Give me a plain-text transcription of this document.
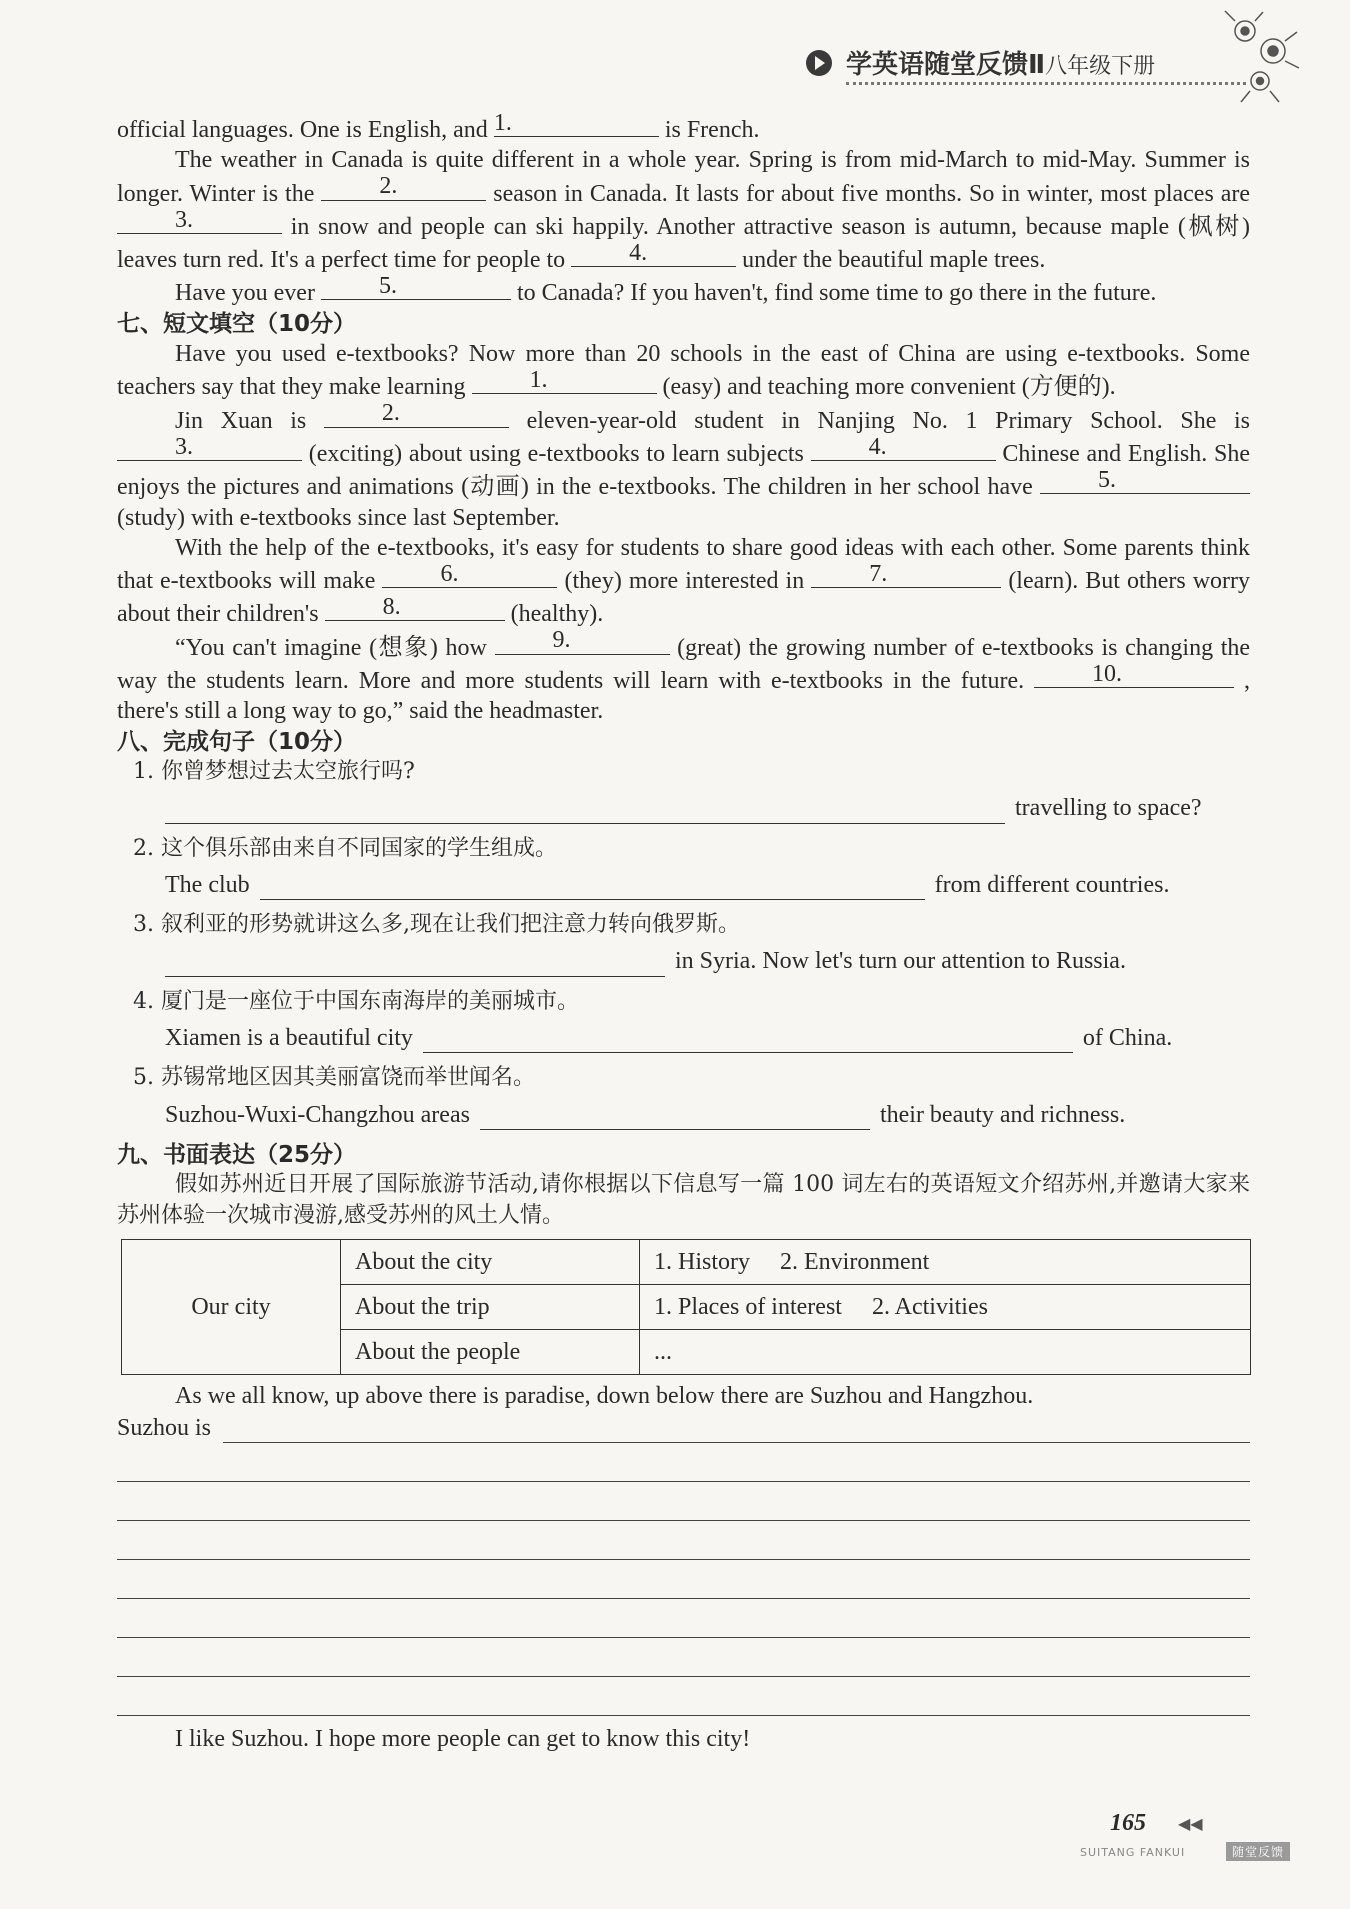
学英语随堂反馈Ⅱ八年级下册

official languages. One is English, and 1.	is French.

The weather in Canada is quite different in a whole year. Spring is from mid-March to mid-May. Summer is longer. Winter is the	2.	season in Canada. It lasts for about five months. So in winter, most places are
3.	in snow and people can ski happily. Another attractive season is autumn, because maple (枫树) leaves turn red. It's a perfect time for people to	4.	under the beautiful maple trees.

Have you ever	5.	to Canada? If you haven't, find some time to go there in the future.

七、短文填空（10分）

Have you used e-textbooks? Now more than 20 schools in the east of China are using e-textbooks. Some teachers say that they make learning	1.	(easy) and teaching more convenient (方便的).

Jin Xuan is	2.	eleven-year-old student in Nanjing No. 1 Primary School. She is
3.	(exciting) about using e-textbooks to learn subjects	4.	Chinese and English. She enjoys the pictures and animations (动画) in the e-textbooks. The children in her school have	5.
(study) with e-textbooks since last September.

With the help of the e-textbooks, it's easy for students to share good ideas with each other. Some parents think that e-textbooks will make	6.	(they) more interested in	7.	(learn). But others worry about their children's	8.	(healthy).

“You can't imagine (想象) how	9.	(great) the growing number of e-textbooks is changing the way the students learn. More and more students will learn with e-textbooks in the future.	10.	, there's still a long way to go,” said the headmaster.

八、完成句子（10分）

1. 你曾梦想过去太空旅行吗?
travelling to space?
2. 这个俱乐部由来自不同国家的学生组成。
The club	from different countries.
3. 叙利亚的形势就讲这么多,现在让我们把注意力转向俄罗斯。
in Syria. Now let's turn our attention to Russia.
4. 厦门是一座位于中国东南海岸的美丽城市。
Xiamen is a beautiful city	of China.
5. 苏锡常地区因其美丽富饶而举世闻名。
Suzhou-Wuxi-Changzhou areas	their beauty and richness.

九、书面表达（25分）

假如苏州近日开展了国际旅游节活动,请你根据以下信息写一篇 100 词左右的英语短文介绍苏州,并邀请大家来苏州体验一次城市漫游,感受苏州的风土人情。

Our city	About the city	1. History  2. Environment
	About the trip	1. Places of interest  2. Activities
	About the people	...

As we all know, up above there is paradise, down below there are Suzhou and Hangzhou.

Suzhou is

I like Suzhou. I hope more people can get to know this city!

165 ◀◀
SUITANG FANKUI	随堂反馈
